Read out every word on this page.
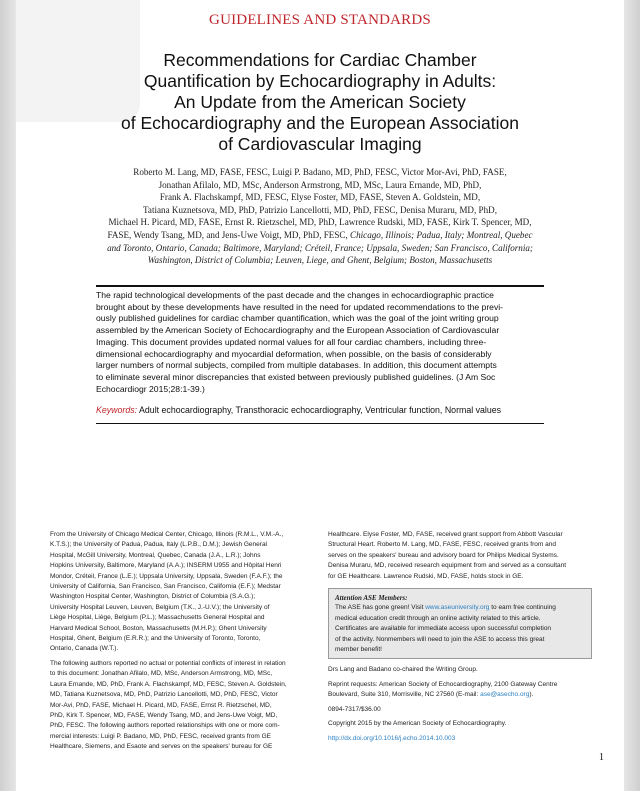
GUIDELINES AND STANDARDS
Recommendations for Cardiac Chamber
Quantification by Echocardiography in Adults:
An Update from the American Society
of Echocardiography and the European Association
of Cardiovascular Imaging
Roberto M. Lang, MD, FASE, FESC, Luigi P. Badano, MD, PhD, FESC, Victor Mor-Avi, PhD, FASE,
Jonathan Afilalo, MD, MSc, Anderson Armstrong, MD, MSc, Laura Ernande, MD, PhD,
Frank A. Flachskampf, MD, FESC, Elyse Foster, MD, FASE, Steven A. Goldstein, MD,
Tatiana Kuznetsova, MD, PhD, Patrizio Lancellotti, MD, PhD, FESC, Denisa Muraru, MD, PhD,
Michael H. Picard, MD, FASE, Ernst R. Rietzschel, MD, PhD, Lawrence Rudski, MD, FASE, Kirk T. Spencer, MD,
FASE, Wendy Tsang, MD, and Jens-Uwe Voigt, MD, PhD, FESC, Chicago, Illinois; Padua, Italy; Montreal, Quebec
and Toronto, Ontario, Canada; Baltimore, Maryland; Créteil, France; Uppsala, Sweden; San Francisco, California;
Washington, District of Columbia; Leuven, Liege, and Ghent, Belgium; Boston, Massachusetts
The rapid technological developments of the past decade and the changes in echocardiographic practice
brought about by these developments have resulted in the need for updated recommendations to the previ-
ously published guidelines for cardiac chamber quantification, which was the goal of the joint writing group
assembled by the American Society of Echocardiography and the European Association of Cardiovascular
Imaging. This document provides updated normal values for all four cardiac chambers, including three-
dimensional echocardiography and myocardial deformation, when possible, on the basis of considerably
larger numbers of normal subjects, compiled from multiple databases. In addition, this document attempts
to eliminate several minor discrepancies that existed between previously published guidelines. (J Am Soc
Echocardiogr 2015;28:1-39.)
Keywords: Adult echocardiography, Transthoracic echocardiography, Ventricular function, Normal values
From the University of Chicago Medical Center, Chicago, Illinois (R.M.L., V.M.-A.,
K.T.S.); the University of Padua, Padua, Italy (L.P.B., D.M.); Jewish General
Hospital, McGill University, Montreal, Quebec, Canada (J.A., L.R.); Johns
Hopkins University, Baltimore, Maryland (A.A.); INSERM U955 and Hôpital Henri
Mondor, Créteil, France (L.E.); Uppsala University, Uppsala, Sweden (F.A.F.); the
University of California, San Francisco, San Francisco, California (E.F.); Medstar
Washington Hospital Center, Washington, District of Columbia (S.A.G.);
University Hospital Leuven, Leuven, Belgium (T.K., J.-U.V.); the University of
Liège Hospital, Liège, Belgium (P.L.); Massachusetts General Hospital and
Harvard Medical School, Boston, Massachusetts (M.H.P.); Ghent University
Hospital, Ghent, Belgium (E.R.R.); and the University of Toronto, Toronto,
Ontario, Canada (W.T.).
The following authors reported no actual or potential conflicts of interest in relation
to this document: Jonathan Afilalo, MD, MSc, Anderson Armstrong, MD, MSc,
Laura Ernande, MD, PhD, Frank A. Flachskampf, MD, FESC, Steven A. Goldstein,
MD, Tatiana Kuznetsova, MD, PhD, Patrizio Lancellotti, MD, PhD, FESC, Victor
Mor-Avi, PhD, FASE, Michael H. Picard, MD, FASE, Ernst R. Rietzschel, MD,
PhD, Kirk T. Spencer, MD, FASE, Wendy Tsang, MD, and Jens-Uwe Voigt, MD,
PhD, FESC. The following authors reported relationships with one or more com-
mercial interests: Luigi P. Badano, MD, PhD, FESC, received grants from GE
Healthcare, Siemens, and Esaote and serves on the speakers' bureau for GE
Healthcare. Elyse Foster, MD, FASE, received grant support from Abbott Vascular
Structural Heart. Roberto M. Lang, MD, FASE, FESC, received grants from and
serves on the speakers' bureau and advisory board for Philips Medical Systems.
Denisa Muraru, MD, received research equipment from and served as a consultant
for GE Healthcare. Lawrence Rudski, MD, FASE, holds stock in GE.
Attention ASE Members:
The ASE has gone green! Visit www.aseuniversity.org to earn free continuing
medical education credit through an online activity related to this article.
Certificates are available for immediate access upon successful completion
of the activity. Nonmembers will need to join the ASE to access this great
member benefit!
Drs Lang and Badano co-chaired the Writing Group.
Reprint requests: American Society of Echocardiography, 2100 Gateway Centre
Boulevard, Suite 310, Morrisville, NC 27560 (E-mail: ase@asecho.org).
0894-7317/$36.00
Copyright 2015 by the American Society of Echocardiography.
http://dx.doi.org/10.1016/j.echo.2014.10.003
1
